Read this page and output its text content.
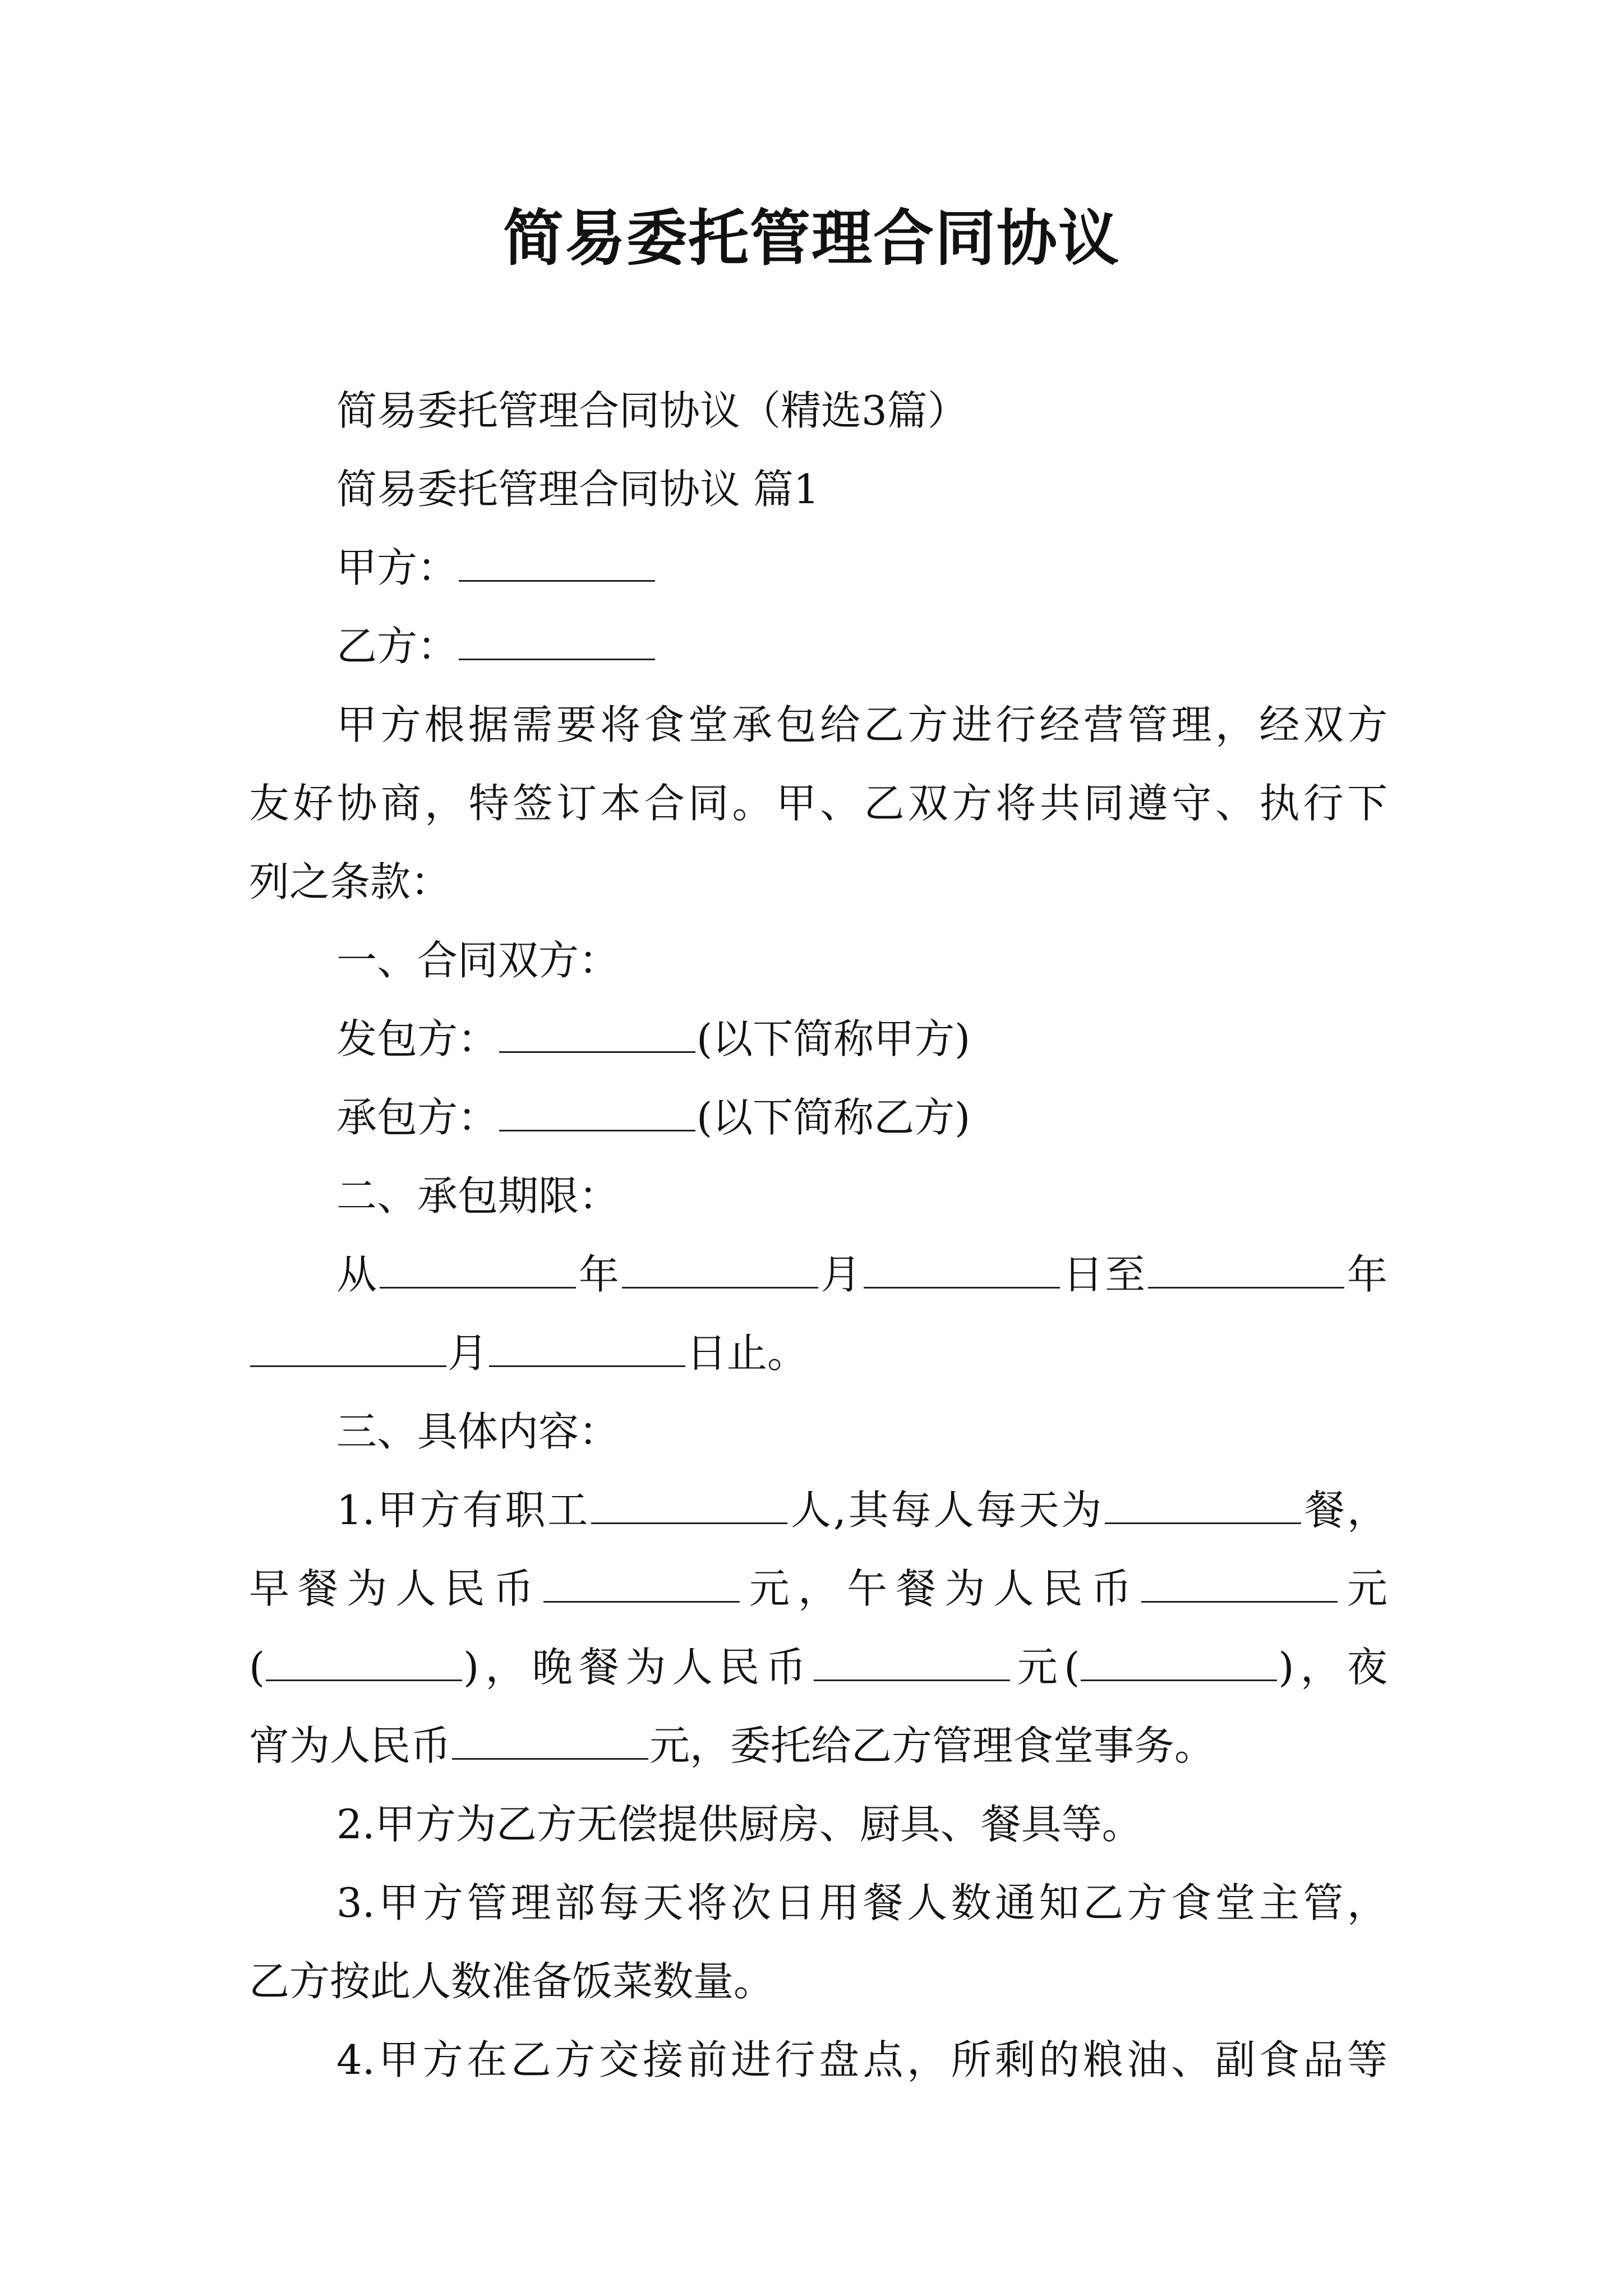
简易委托管理合同协议
简易委托管理合同协议（精选3篇）
简易委托管理合同协议 篇1
甲方：
乙方：
甲方根据需要将食堂承包给乙方进行经营管理，经双方
友好协商，特签订本合同。甲、乙双方将共同遵守、执行下
列之条款：
一、合同双方：
发包方：	(以下简称甲方)
承包方：	(以下简称乙方)
二、承包期限：
从	年	月	日至	年
月	日止。
三、具体内容：
1.甲方有职工	人,其每人每天为	餐，
早餐为人民币	元，午餐为人民币	元
(	)，晚餐为人民币	元(	)，夜
宵为人民币	元，委托给乙方管理食堂事务。
2.甲方为乙方无偿提供厨房、厨具、餐具等。
3.甲方管理部每天将次日用餐人数通知乙方食堂主管，
乙方按此人数准备饭菜数量。
4.甲方在乙方交接前进行盘点，所剩的粮油、副食品等
